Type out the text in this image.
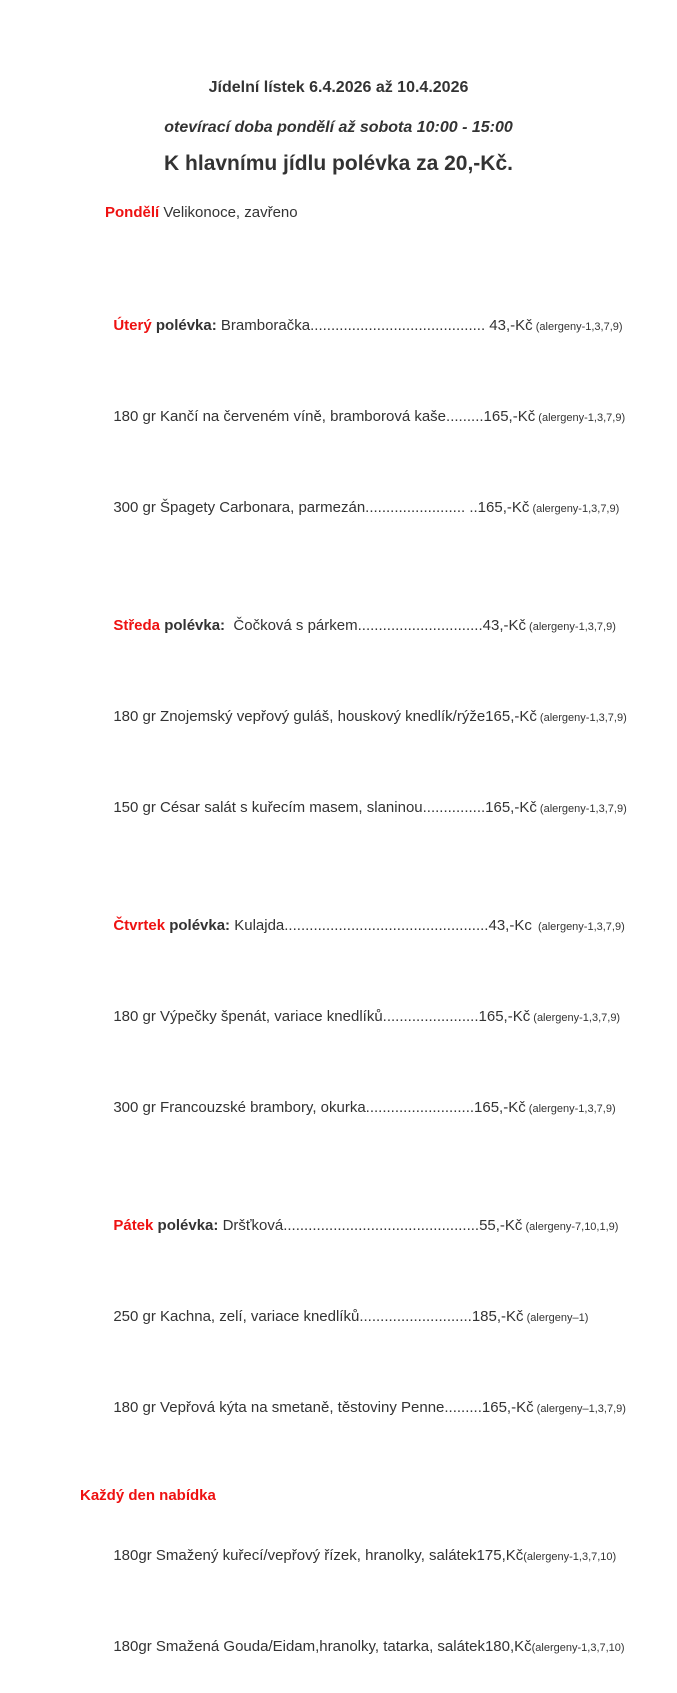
Jídelní lístek 6.4.2026 až 10.4.2026
otevírací doba pondělí až sobota 10:00 - 15:00
K hlavnímu jídlu polévka za 20,-Kč.

Pondělí Velikonoce, zavřeno

Úterý polévka: Bramboračka.......................................... 43,-Kč (alergeny-1,3,7,9)

180 gr Kančí na červeném víně, bramborová kaše.........165,-Kč (alergeny-1,3,7,9)

300 gr Špagety Carbonara, parmezán........................ ..165,-Kč (alergeny-1,3,7,9)

Středa polévka:  Čočková s párkem..............................43,-Kč (alergeny-1,3,7,9)

180 gr Znojemský vepřový guláš, houskový knedlík/rýže165,-Kč (alergeny-1,3,7,9)

150 gr César salát s kuřecím masem, slaninou...............165,-Kč (alergeny-1,3,7,9)

Čtvrtek polévka: Kulajda.................................................43,-Kc  (alergeny-1,3,7,9)

180 gr Výpečky špenát, variace knedlíků.......................165,-Kč (alergeny-1,3,7,9)

300 gr Francouzské brambory, okurka..........................165,-Kč (alergeny-1,3,7,9)

Pátek polévka: Dršťková...............................................55,-Kč (alergeny-7,10,1,9)

250 gr Kachna, zelí, variace knedlíků...........................185,-Kč (alergeny–1)

180 gr Vepřová kýta na smetaně, těstoviny Penne.........165,-Kč (alergeny–1,3,7,9)

Každý den nabídka

180gr Smažený kuřecí/vepřový řízek, hranolky, salátek175,Kč(alergeny-1,3,7,10)

180gr Smažená Gouda/Eidam,hranolky, tatarka, salátek180,Kč(alergeny-1,3,7,10)
